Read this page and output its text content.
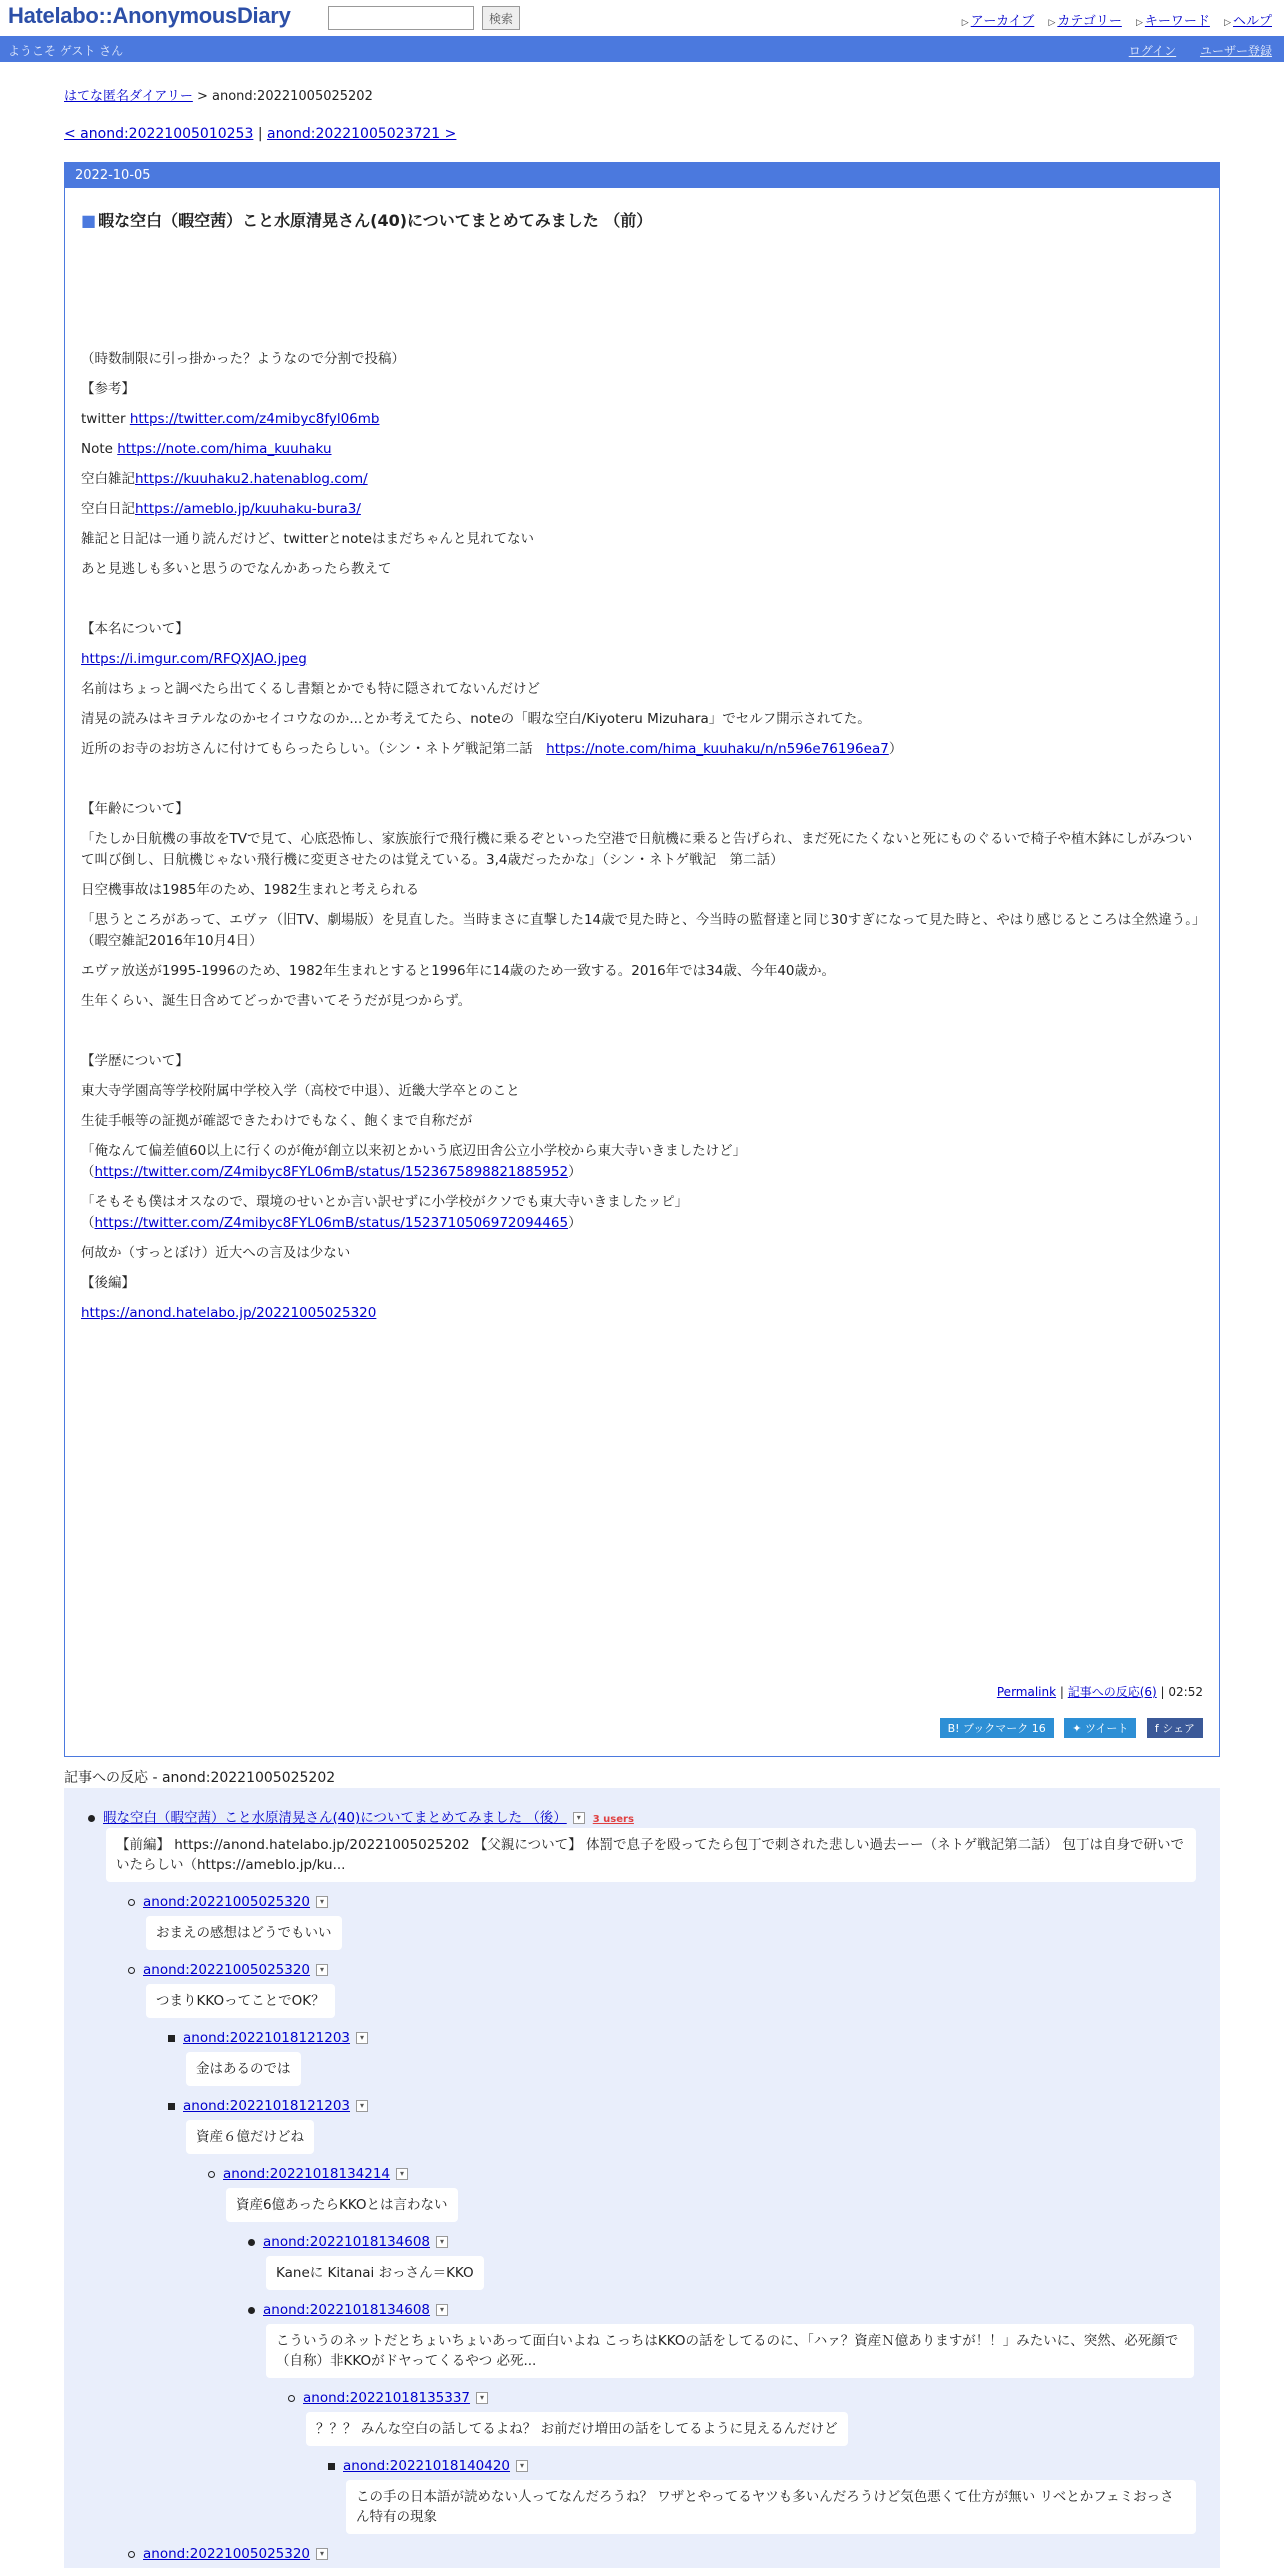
Hatelabo::AnonymousDiary	検索	▷ アーカイブ ▷ カテゴリー ▷ キーワード ▷ ヘルプ
ようこそ ゲスト さん	ログイン ユーザー登録
はてな匿名ダイアリー > anond:20221005025202
< anond:20221005010253 | anond:20221005023721 >
2022-10-05
■ 暇な空白（暇空茜）こと水原清晃さん(40)についてまとめてみました （前）

（時数制限に引っ掛かった？ようなので分割で投稿）

【参考】

twitter https://twitter.com/z4mibyc8fyl06mb

Note https://note.com/hima_kuuhaku

空白雑記https://kuuhaku2.hatenablog.com/

空白日記https://ameblo.jp/kuuhaku-bura3/

雑記と日記は一通り読んだけど、twitterとnoteはまだちゃんと見れてない

あと見逃しも多いと思うのでなんかあったら教えて

【本名について】

https://i.imgur.com/RFQXJAO.jpeg

名前はちょっと調べたら出てくるし書類とかでも特に隠されてないんだけど

清晃の読みはキヨテルなのかセイコウなのか...とか考えてたら、noteの「暇な空白/Kiyoteru Mizuhara」でセルフ開示されてた。

近所のお寺のお坊さんに付けてもらったらしい。（シン・ネトゲ戦記第二話　https://note.com/hima_kuuhaku/n/n596e76196ea7）

【年齢について】

「たしか日航機の事故をTVで見て、心底恐怖し、家族旅行で飛行機に乗るぞといった空港で日航機に乗ると告げられ、まだ死にたくないと死にものぐるいで椅子や植木鉢にしがみついて叫び倒し、日航機じゃない飛行機に変更させたのは覚えている。3,4歳だったかな」（シン・ネトゲ戦記　第二話）

日空機事故は1985年のため、1982生まれと考えられる

「思うところがあって、エヴァ（旧TV、劇場版）を見直した。当時まさに直撃した14歳で見た時と、今当時の監督達と同じ30すぎになって見た時と、やはり感じるところは全然違う。」（暇空雑記2016年10月4日）

エヴァ放送が1995-1996のため、1982年生まれとすると1996年に14歳のため一致する。2016年では34歳、今年40歳か。

生年くらい、誕生日含めてどっかで書いてそうだが見つからず。

【学歴について】

東大寺学園高等学校附属中学校入学（高校で中退）、近畿大学卒とのこと

生徒手帳等の証拠が確認できたわけでもなく、飽くまで自称だが

「俺なんて偏差値60以上に行くのが俺が創立以来初とかいう底辺田舎公立小学校から東大寺いきましたけど」
（https://twitter.com/Z4mibyc8FYL06mB/status/1523675898821885952）

「そもそも僕はオスなので、環境のせいとか言い訳せずに小学校がクソでも東大寺いきましたッピ」
（https://twitter.com/Z4mibyc8FYL06mB/status/1523710506972094465）

何故か（すっとぼけ）近大への言及は少ない

【後編】

https://anond.hatelabo.jp/20221005025320

Permalink | 記事への反応(6) | 02:52
B! ブックマーク 16 ✦ ツイート f シェア
記事への反応 - anond:20221005025202
暇な空白（暇空茜）こと水原清晃さん(40)についてまとめてみました （後） ▾ 3 users
【前編】 https://anond.hatelabo.jp/20221005025202 【父親について】 体罰で息子を殴ってたら包丁で刺された悲しい過去ーー（ネトゲ戦記第二話） 包丁は自身で研いでいたらしい（https://ameblo.jp/ku...
anond:20221005025320 ▾
おまえの感想はどうでもいい
anond:20221005025320 ▾
つまりKKOってことでOK？
anond:20221018121203 ▾
金はあるのでは
anond:20221018121203 ▾
資産６億だけどね
anond:20221018134214 ▾
資産6億あったらKKOとは言わない
anond:20221018134608 ▾
Kaneに Kitanai おっさん＝KKO
anond:20221018134608 ▾
こういうのネットだとちょいちょいあって面白いよね こっちはKKOの話をしてるのに、「ハァ？資産Ｎ億ありますが！！」みたいに、突然、必死顔で（自称）非KKOがドヤってくるやつ 必死...
anond:20221018135337 ▾
？？？ みんな空白の話してるよね？ お前だけ増田の話をしてるように見えるんだけど
anond:20221018140420 ▾
この手の日本語が読めない人ってなんだろうね？ ワザとやってるヤツも多いんだろうけど気色悪くて仕方が無い リベとかフェミおっさん特有の現象
anond:20221005025320 ▾
